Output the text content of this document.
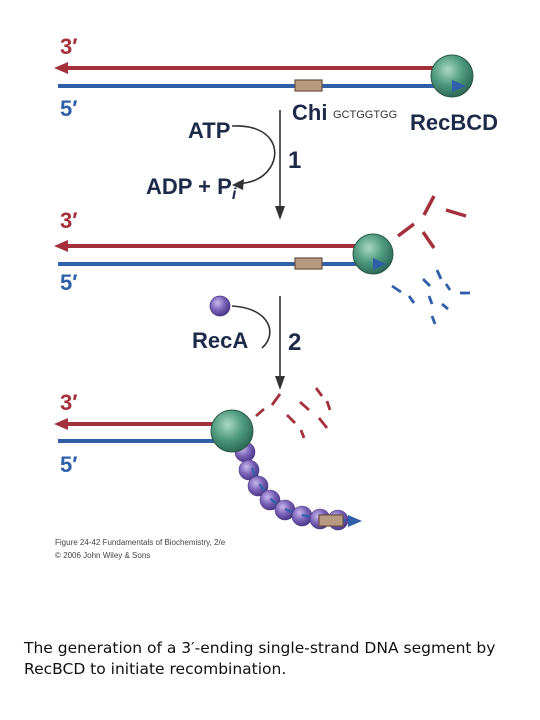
3′
5′	Chi GCTGGTGG RecBCD
ATP
ADP + $P_i$
1
3′
5′
RecA 2
3′
5′
Figure 24-42 Fundamentals of Biochemistry, 2/e
© 2006 John Wiley & Sons

The generation of a 3′-ending single-strand DNA segment by RecBCD to initiate recombination.
